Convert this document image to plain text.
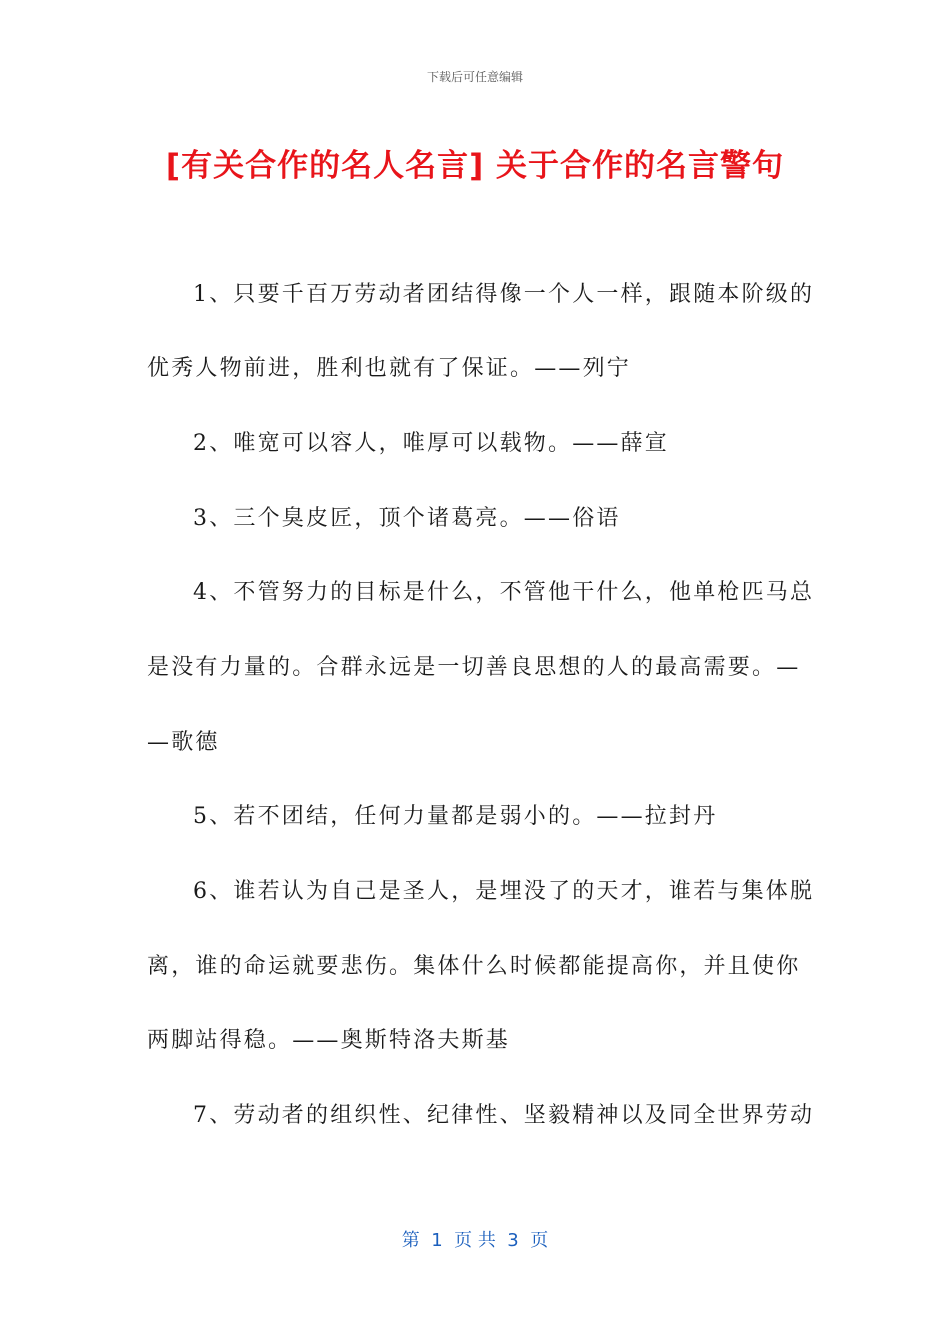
下载后可任意编辑
[有关合作的名人名言] 关于合作的名言警句
1、只要千百万劳动者团结得像一个人一样，跟随本阶级的
优秀人物前进，胜利也就有了保证。——列宁
2、唯宽可以容人，唯厚可以载物。——薛宣
3、三个臭皮匠，顶个诸葛亮。——俗语
4、不管努力的目标是什么，不管他干什么，他单枪匹马总
是没有力量的。合群永远是一切善良思想的人的最高需要。—
—歌德
5、若不团结，任何力量都是弱小的。——拉封丹
6、谁若认为自己是圣人，是埋没了的天才，谁若与集体脱
离，谁的命运就要悲伤。集体什么时候都能提高你，并且使你
两脚站得稳。——奥斯特洛夫斯基
7、劳动者的组织性、纪律性、坚毅精神以及同全世界劳动
第  1  页 共  3  页
